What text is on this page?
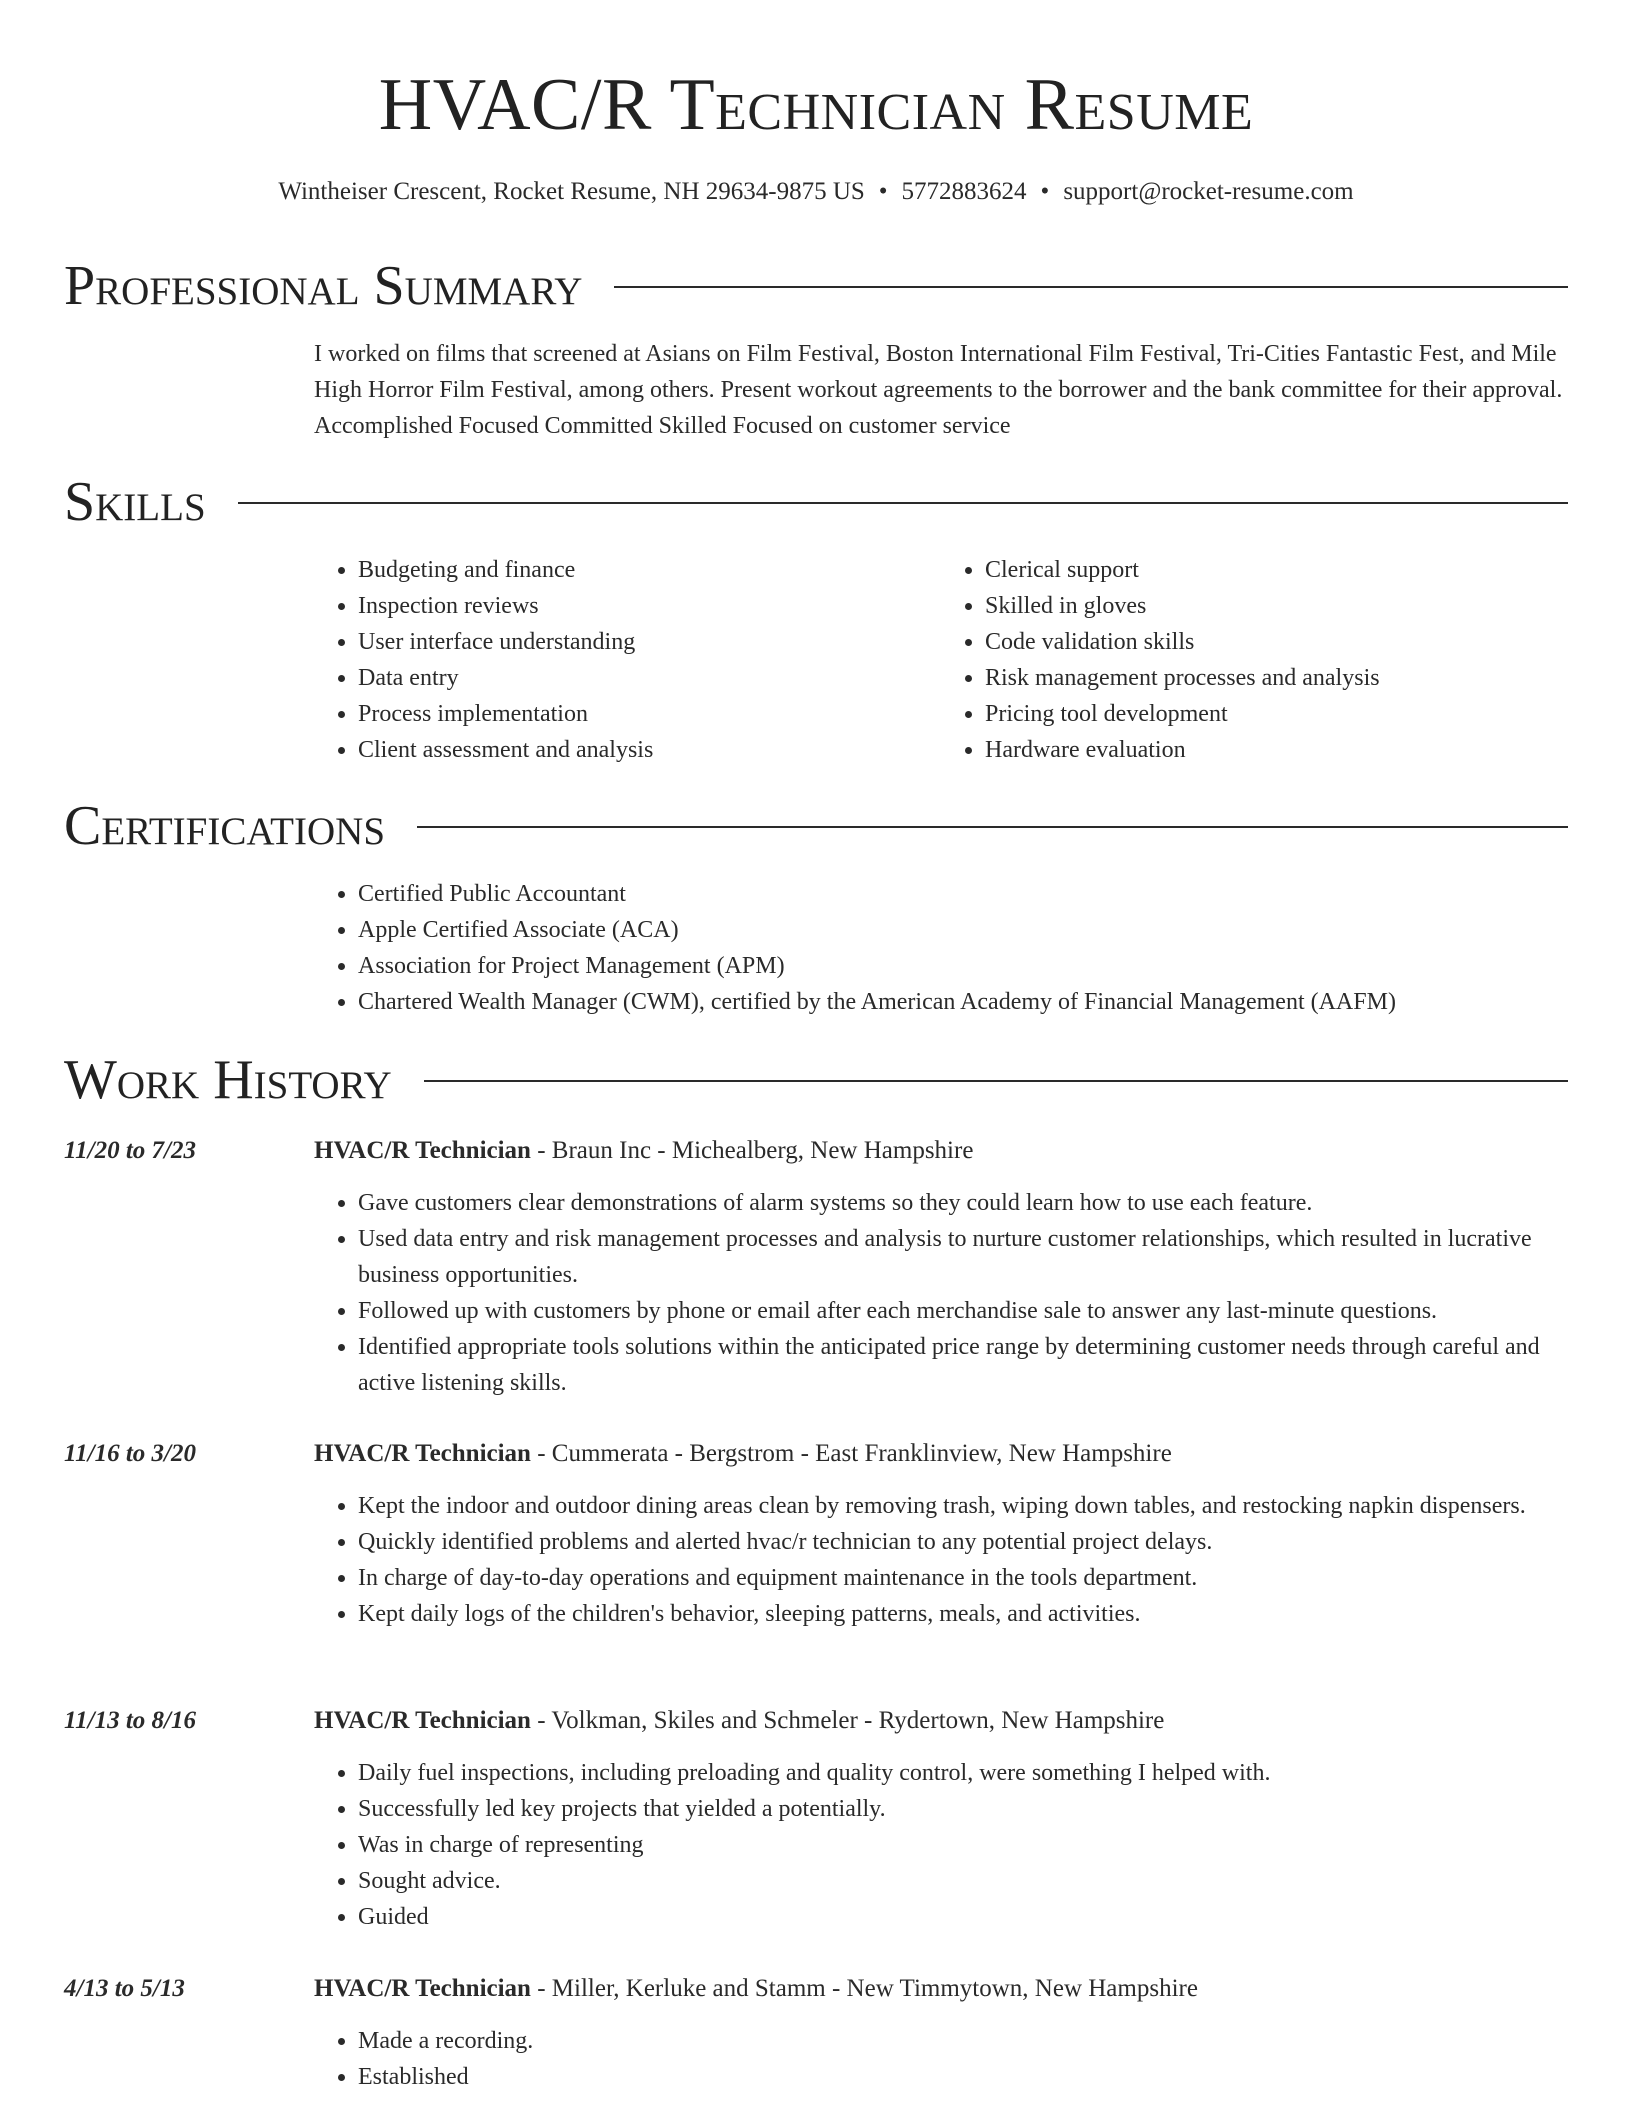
HVAC/R Technician Resume
Wintheiser Crescent, Rocket Resume, NH 29634-9875 US • 5772883624 • support@rocket-resume.com
Professional Summary
I worked on films that screened at Asians on Film Festival, Boston International Film Festival, Tri-Cities Fantastic Fest, and Mile High Horror Film Festival, among others. Present workout agreements to the borrower and the bank committee for their approval. Accomplished Focused Committed Skilled Focused on customer service
Skills
• Budgeting and finance
• Inspection reviews
• User interface understanding
• Data entry
• Process implementation
• Client assessment and analysis
• Clerical support
• Skilled in gloves
• Code validation skills
• Risk management processes and analysis
• Pricing tool development
• Hardware evaluation
Certifications
• Certified Public Accountant
• Apple Certified Associate (ACA)
• Association for Project Management (APM)
• Chartered Wealth Manager (CWM), certified by the American Academy of Financial Management (AAFM)
Work History
11/20 to 7/23	HVAC/R Technician - Braun Inc - Michealberg, New Hampshire
• Gave customers clear demonstrations of alarm systems so they could learn how to use each feature.
• Used data entry and risk management processes and analysis to nurture customer relationships, which resulted in lucrative business opportunities.
• Followed up with customers by phone or email after each merchandise sale to answer any last-minute questions.
• Identified appropriate tools solutions within the anticipated price range by determining customer needs through careful and active listening skills.
11/16 to 3/20	HVAC/R Technician - Cummerata - Bergstrom - East Franklinview, New Hampshire
• Kept the indoor and outdoor dining areas clean by removing trash, wiping down tables, and restocking napkin dispensers.
• Quickly identified problems and alerted hvac/r technician to any potential project delays.
• In charge of day-to-day operations and equipment maintenance in the tools department.
• Kept daily logs of the children's behavior, sleeping patterns, meals, and activities.
11/13 to 8/16	HVAC/R Technician - Volkman, Skiles and Schmeler - Rydertown, New Hampshire
• Daily fuel inspections, including preloading and quality control, were something I helped with.
• Successfully led key projects that yielded a potentially.
• Was in charge of representing
• Sought advice.
• Guided
4/13 to 5/13	HVAC/R Technician - Miller, Kerluke and Stamm - New Timmytown, New Hampshire
• Made a recording.
• Established
